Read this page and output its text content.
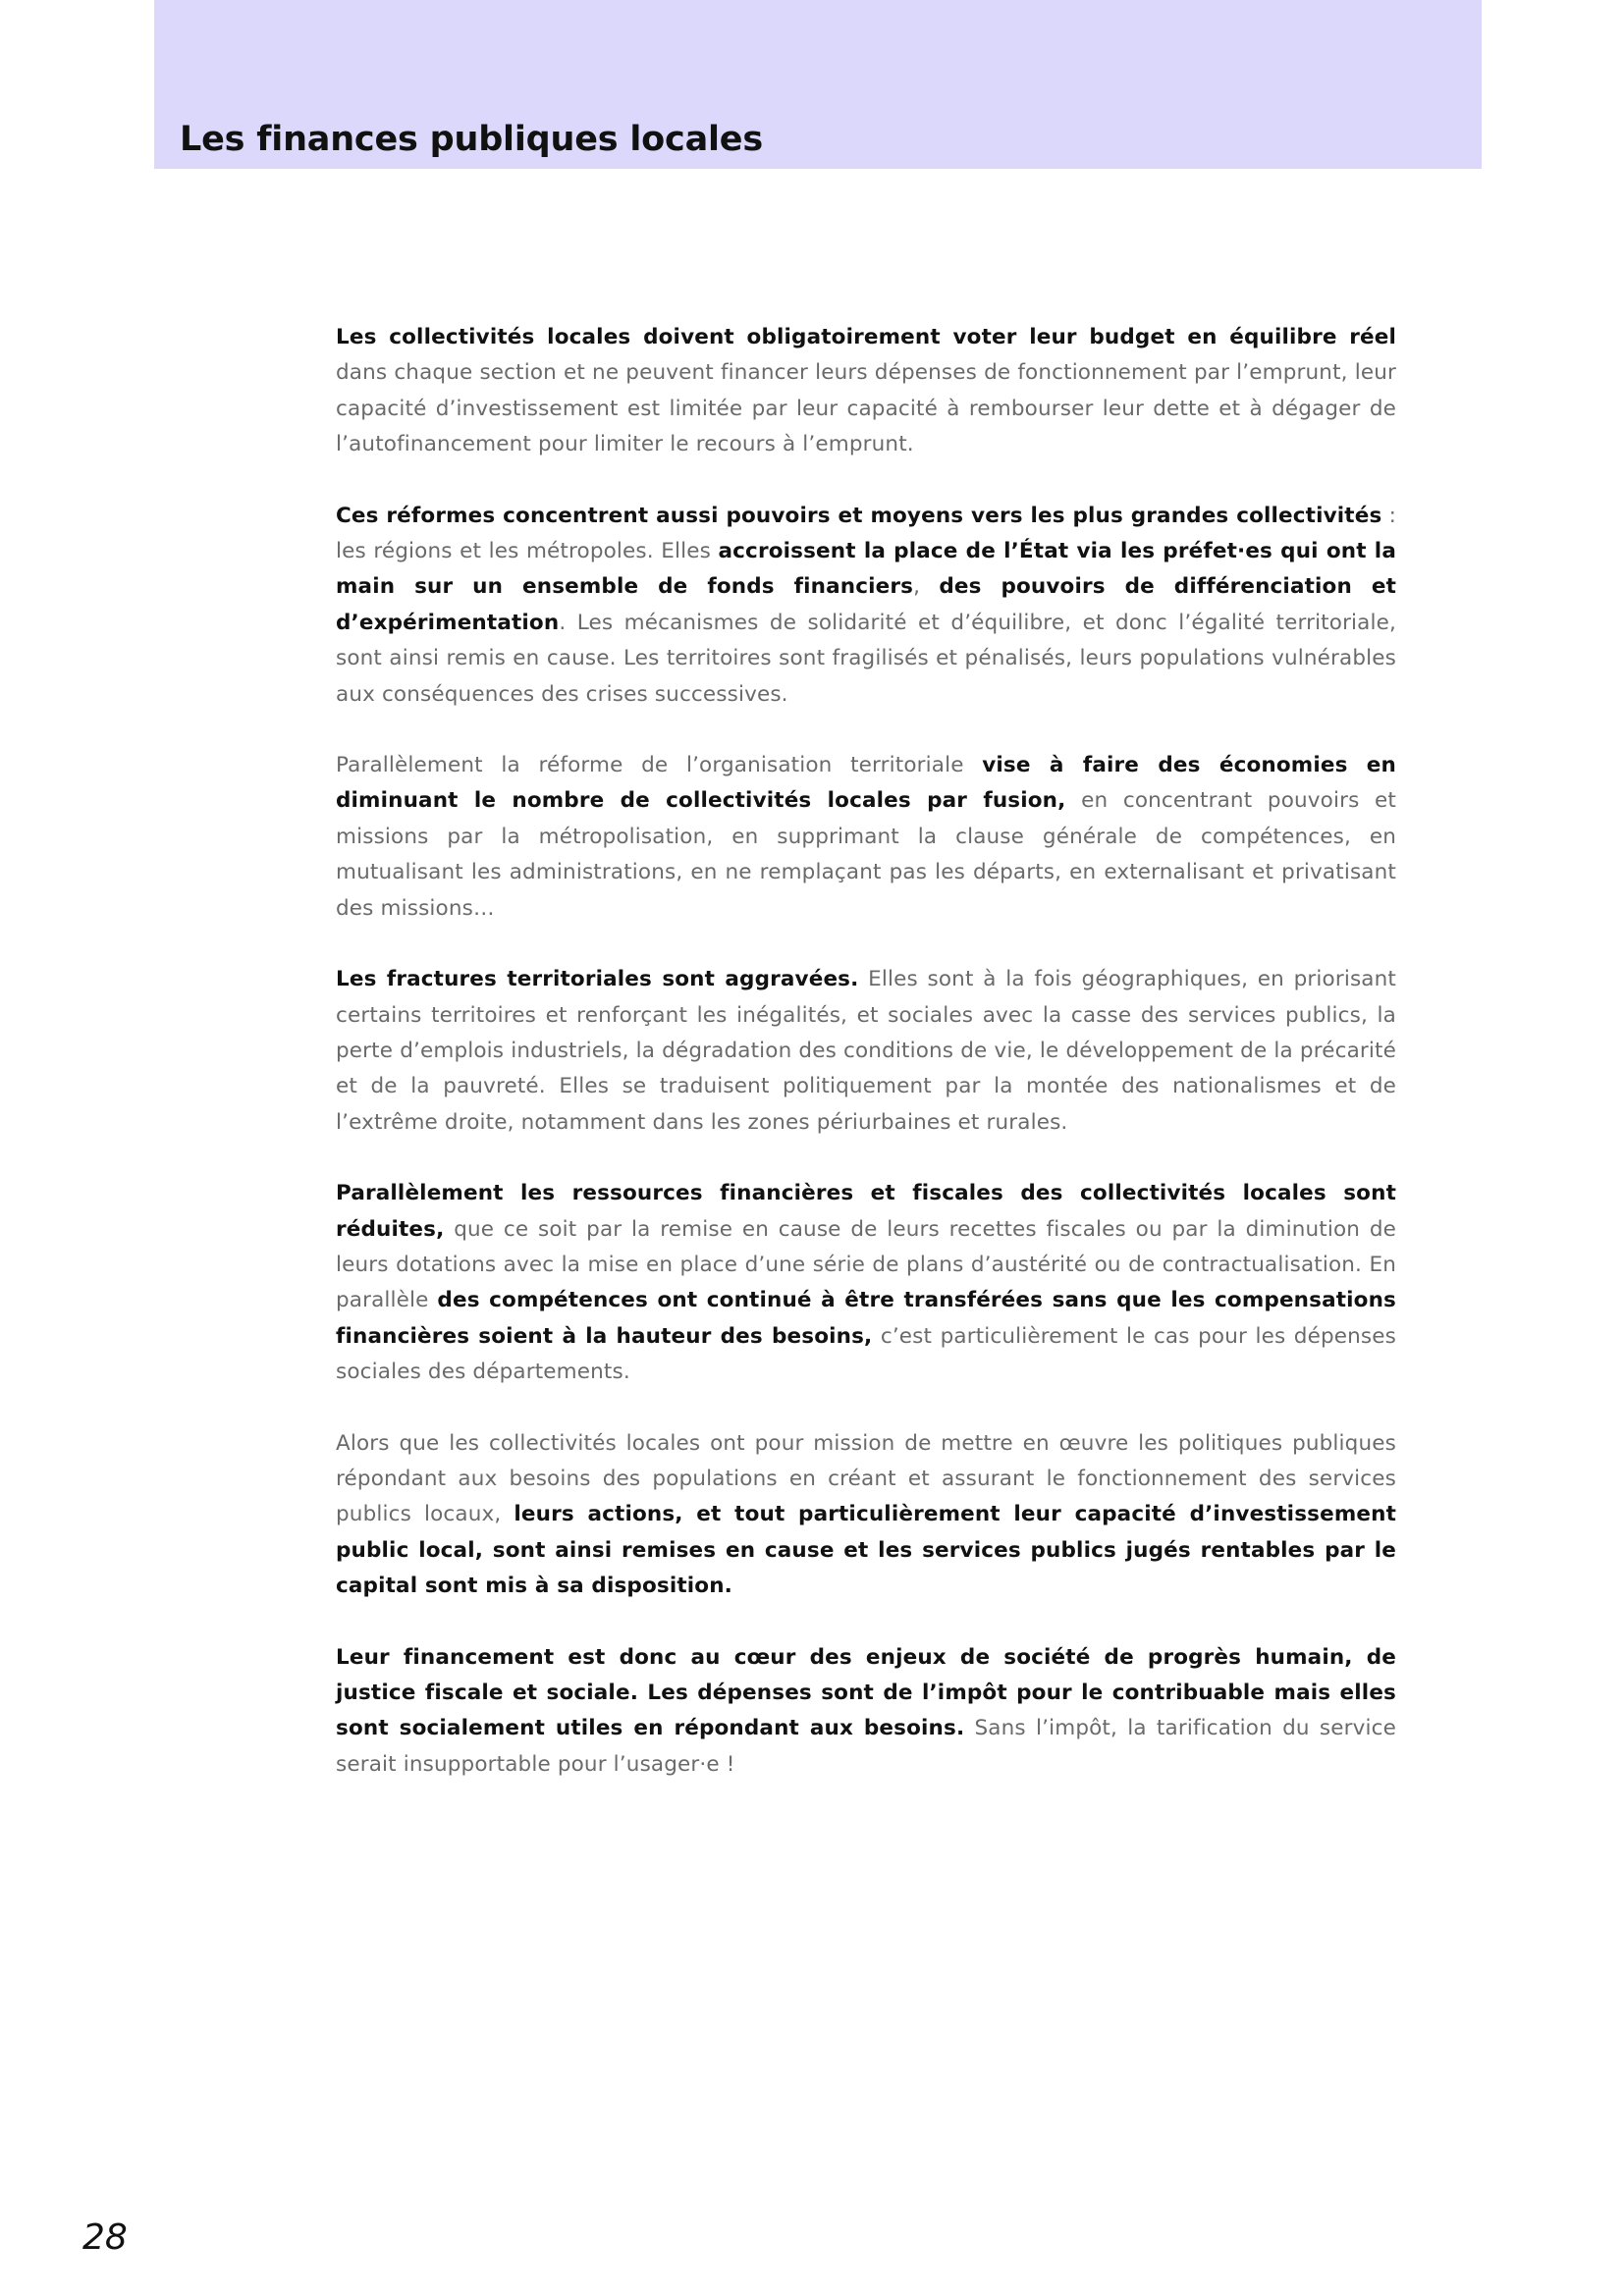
Les finances publiques locales

Les collectivités locales doivent obligatoirement voter leur budget en équilibre réel dans chaque section et ne peuvent financer leurs dépenses de fonctionnement par l’emprunt, leur capacité d’investissement est limitée par leur capacité à rembourser leur dette et à dégager de l’autofinancement pour limiter le recours à l’emprunt.

Ces réformes concentrent aussi pouvoirs et moyens vers les plus grandes collectivités : les régions et les métropoles. Elles accroissent la place de l’État via les préfet·es qui ont la main sur un ensemble de fonds financiers, des pouvoirs de différenciation et d’expérimentation. Les mécanismes de solidarité et d’équilibre, et donc l’égalité territoriale, sont ainsi remis en cause. Les territoires sont fragilisés et pénalisés, leurs populations vulnérables aux conséquences des crises successives.

Parallèlement la réforme de l’organisation territoriale vise à faire des économies en diminuant le nombre de collectivités locales par fusion, en concentrant pouvoirs et missions par la métropolisation, en supprimant la clause générale de compétences, en mutualisant les administrations, en ne remplaçant pas les départs, en externalisant et privatisant des missions…

Les fractures territoriales sont aggravées. Elles sont à la fois géographiques, en priorisant certains territoires et renforçant les inégalités, et sociales avec la casse des services publics, la perte d’emplois industriels, la dégradation des conditions de vie, le développement de la précarité et de la pauvreté. Elles se traduisent politiquement par la montée des nationalismes et de l’extrême droite, notamment dans les zones périurbaines et rurales.

Parallèlement les ressources financières et fiscales des collectivités locales sont réduites, que ce soit par la remise en cause de leurs recettes fiscales ou par la diminution de leurs dotations avec la mise en place d’une série de plans d’austérité ou de contractualisation. En parallèle des compétences ont continué à être transférées sans que les compensations financières soient à la hauteur des besoins, c’est particulièrement le cas pour les dépenses sociales des départements.

Alors que les collectivités locales ont pour mission de mettre en œuvre les politiques publiques répondant aux besoins des populations en créant et assurant le fonctionnement des services publics locaux, leurs actions, et tout particulièrement leur capacité d’investissement public local, sont ainsi remises en cause et les services publics jugés rentables par le capital sont mis à sa disposition.

Leur financement est donc au cœur des enjeux de société de progrès humain, de justice fiscale et sociale. Les dépenses sont de l’impôt pour le contribuable mais elles sont socialement utiles en répondant aux besoins. Sans l’impôt, la tarification du service serait insupportable pour l’usager·e !

28
